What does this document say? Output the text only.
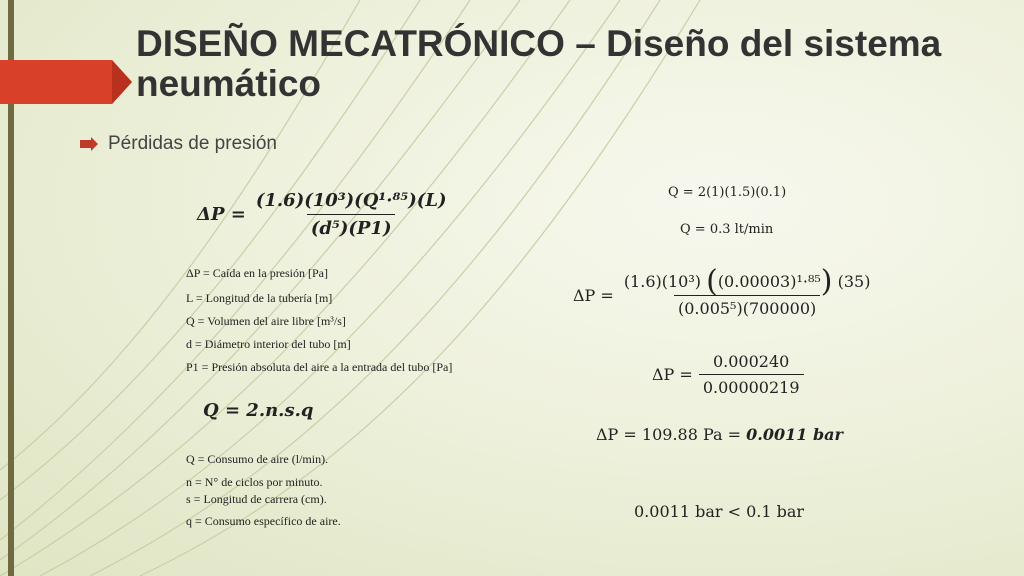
DISEÑO MECATRÓNICO – Diseño del sistema neumático
Pérdidas de presión
$\Delta P = \frac{\text{(1.6)(10³)(Q¹·⁸⁵)(L)}}{\text{(d⁵)(P1)}}$
ΔP = Caída en la presión [Pa]
L = Longitud de la tubería [m]
Q = Volumen del aire libre [m³/s]
d = Diámetro interior del tubo [m]
P1 = Presión absoluta del aire a la entrada del tubo [Pa]
Q = 2.n.s.q
Q = Consumo de aire (l/min).
n = N° de ciclos por minuto.
s = Longitud de carrera (cm).
q = Consumo específico de aire.
Q = 2(1)(1.5)(0.1)
Q = 0.3 lt/min
$\Delta P = \frac{\text{(1.6)(10³) ((0.00003)¹·⁸⁵) (35)}}{\text{(0.005⁵)(700000)}}$
$\Delta P = \frac{0.000240}{0.00000219}$
ΔP = 109.88 Pa = 0.0011 bar
0.0011 bar < 0.1 bar
